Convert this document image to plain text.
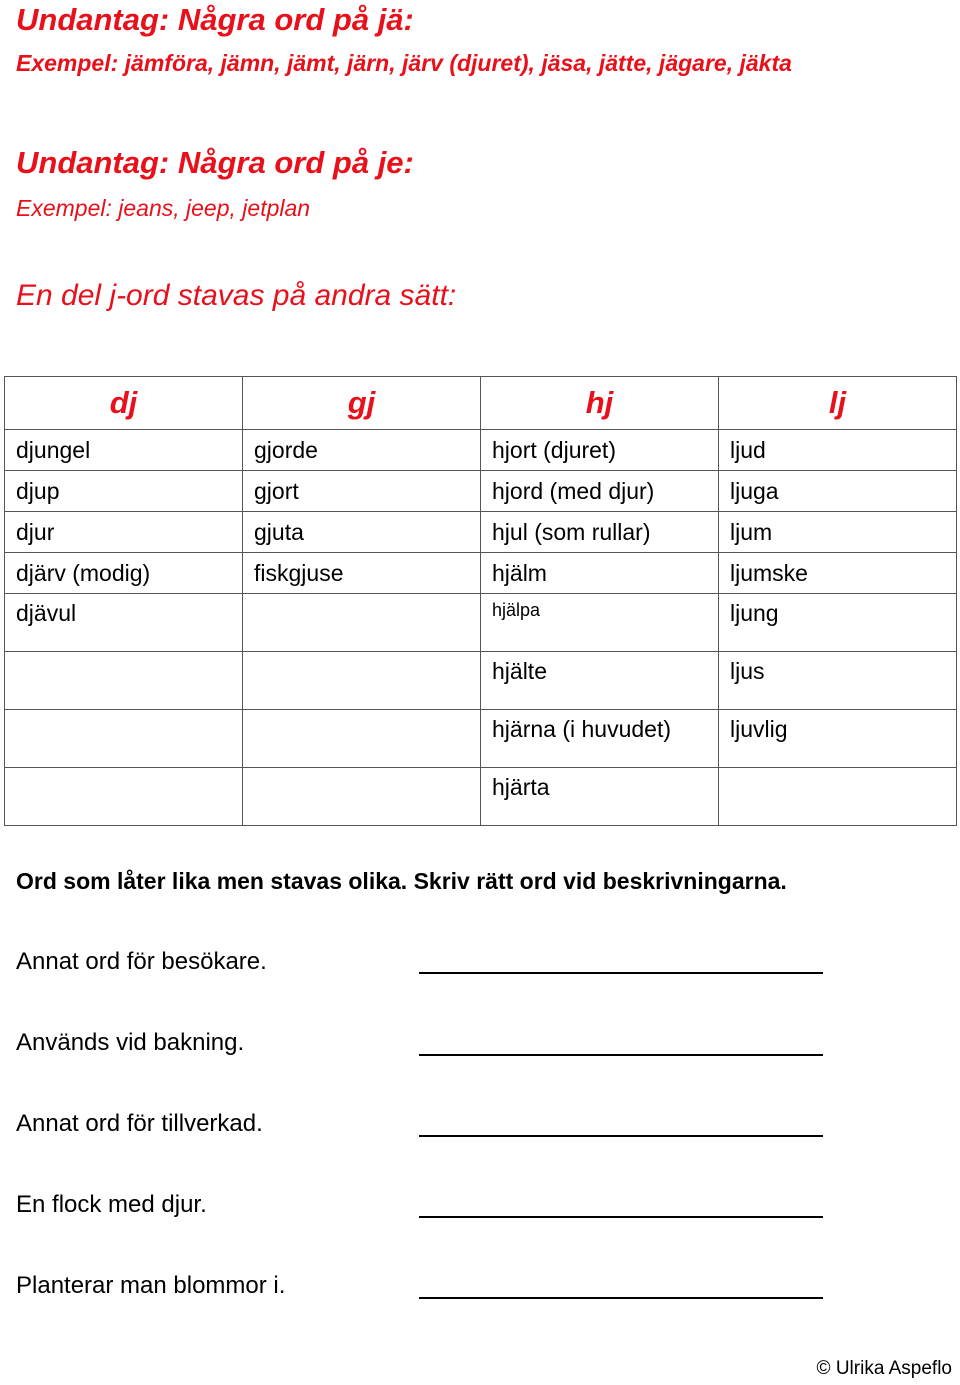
Undantag: Några ord på jä:
Exempel: jämföra, jämn, jämt, järn, järv (djuret), jäsa, jätte, jägare, jäkta
Undantag: Några ord på je:
Exempel: jeans, jeep, jetplan
En del j-ord stavas på andra sätt:
dj	gj	hj	lj
djungel	gjorde	hjort (djuret)	ljud
djup	gjort	hjord (med djur)	ljuga
djur	gjuta	hjul (som rullar)	ljum
djärv (modig)	fiskgjuse	hjälm	ljumske
djävul		hjälpa	ljung
		hjälte	ljus
		hjärna (i huvudet)	ljuvlig
		hjärta	
Ord som låter lika men stavas olika. Skriv rätt ord vid beskrivningarna.
Annat ord för besökare.
Används vid bakning.
Annat ord för tillverkad.
En flock med djur.
Planterar man blommor i.
© Ulrika Aspeflo
